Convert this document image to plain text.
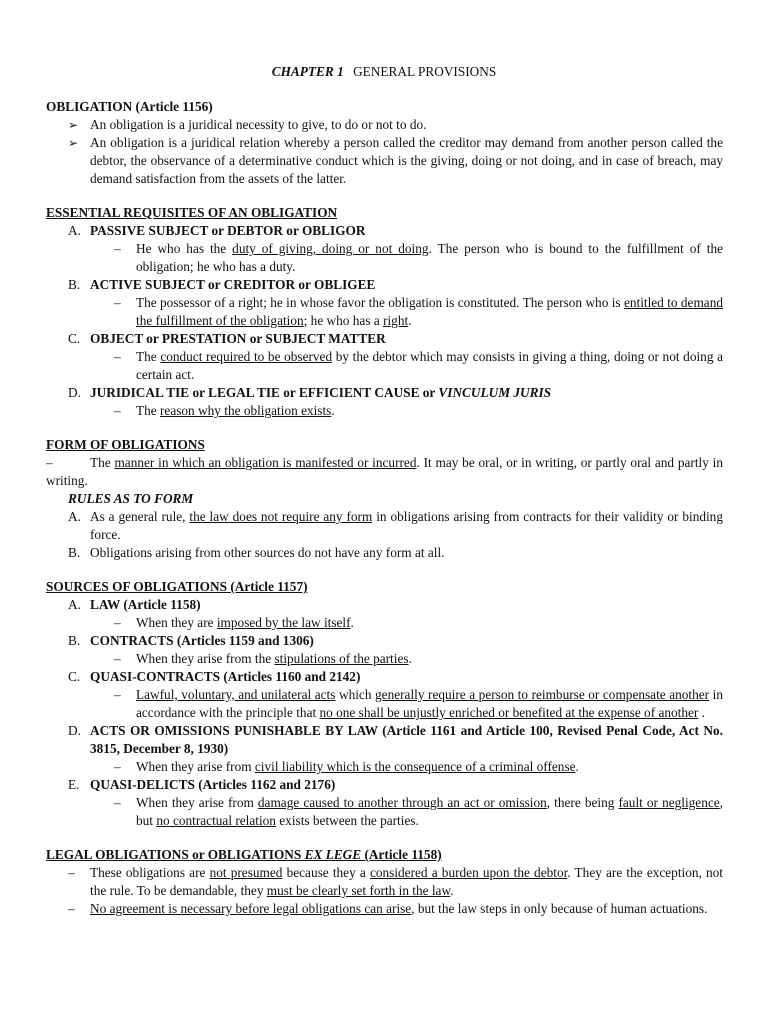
CHAPTER 1 GENERAL PROVISIONS
OBLIGATION (Article 1156)
➢ An obligation is a juridical necessity to give, to do or not to do.
➢ An obligation is a juridical relation whereby a person called the creditor may demand from another person called the debtor, the observance of a determinative conduct which is the giving, doing or not doing, and in case of breach, may demand satisfaction from the assets of the latter.
ESSENTIAL REQUISITES OF AN OBLIGATION
A. PASSIVE SUBJECT or DEBTOR or OBLIGOR
– He who has the duty of giving, doing or not doing. The person who is bound to the fulfillment of the obligation; he who has a duty.
B. ACTIVE SUBJECT or CREDITOR or OBLIGEE
– The possessor of a right; he in whose favor the obligation is constituted. The person who is entitled to demand the fulfillment of the obligation; he who has a right.
C. OBJECT or PRESTATION or SUBJECT MATTER
– The conduct required to be observed by the debtor which may consists in giving a thing, doing or not doing a certain act.
D. JURIDICAL TIE or LEGAL TIE or EFFICIENT CAUSE or VINCULUM JURIS
– The reason why the obligation exists.
FORM OF OBLIGATIONS
–	The manner in which an obligation is manifested or incurred. It may be oral, or in writing, or partly oral and partly in writing.
RULES AS TO FORM
A. As a general rule, the law does not require any form in obligations arising from contracts for their validity or binding force.
B. Obligations arising from other sources do not have any form at all.
SOURCES OF OBLIGATIONS (Article 1157)
A. LAW (Article 1158)
– When they are imposed by the law itself.
B. CONTRACTS (Articles 1159 and 1306)
– When they arise from the stipulations of the parties.
C. QUASI-CONTRACTS (Articles 1160 and 2142)
– Lawful, voluntary, and unilateral acts which generally require a person to reimburse or compensate another in accordance with the principle that no one shall be unjustly enriched or benefited at the expense of another .
D. ACTS OR OMISSIONS PUNISHABLE BY LAW (Article 1161 and Article 100, Revised Penal Code, Act No. 3815, December 8, 1930)
– When they arise from civil liability which is the consequence of a criminal offense.
E. QUASI-DELICTS (Articles 1162 and 2176)
– When they arise from damage caused to another through an act or omission, there being fault or negligence, but no contractual relation exists between the parties.
LEGAL OBLIGATIONS or OBLIGATIONS EX LEGE (Article 1158)
– These obligations are not presumed because they a considered a burden upon the debtor. They are the exception, not the rule. To be demandable, they must be clearly set forth in the law.
– No agreement is necessary before legal obligations can arise, but the law steps in only because of human actuations.
